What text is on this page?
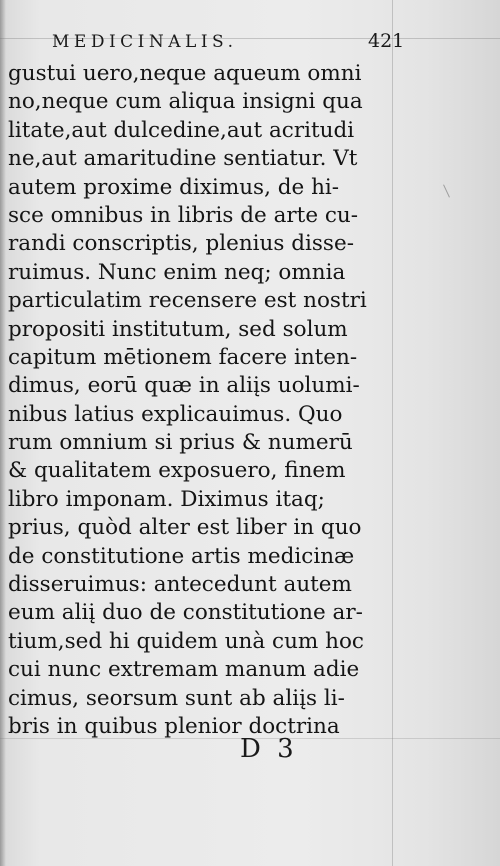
MEDICINALIS.	421
gustui uero,neque aqueum omni
no,neque cum aliqua insigni qua
litate,aut dulcedine,aut acritudi
ne,aut amaritudine sentiatur. Vt
autem proxime diximus, de hi-
sce omnibus in libris de arte cu-
randi conscriptis, plenius disse-
ruimus. Nunc enim neq; omnia
particulatim recensere est nostri
propositi institutum, sed solum
capitum mētionem facere inten-
dimus, eorū quæ in aliįs uolumi-
nibus latius explicauimus. Quo
rum omnium si prius & numerū
& qualitatem exposuero, finem
libro imponam. Diximus itaq;
prius, quòd alter est liber in quo
de constitutione artis medicinæ
disseruimus: antecedunt autem
eum aliį duo de constitutione ar-
tium,sed hi quidem unà cum hoc
cui nunc extremam manum adie
cimus, seorsum sunt ab aliįs li-
bris in quibus plenior doctrina
D 3
